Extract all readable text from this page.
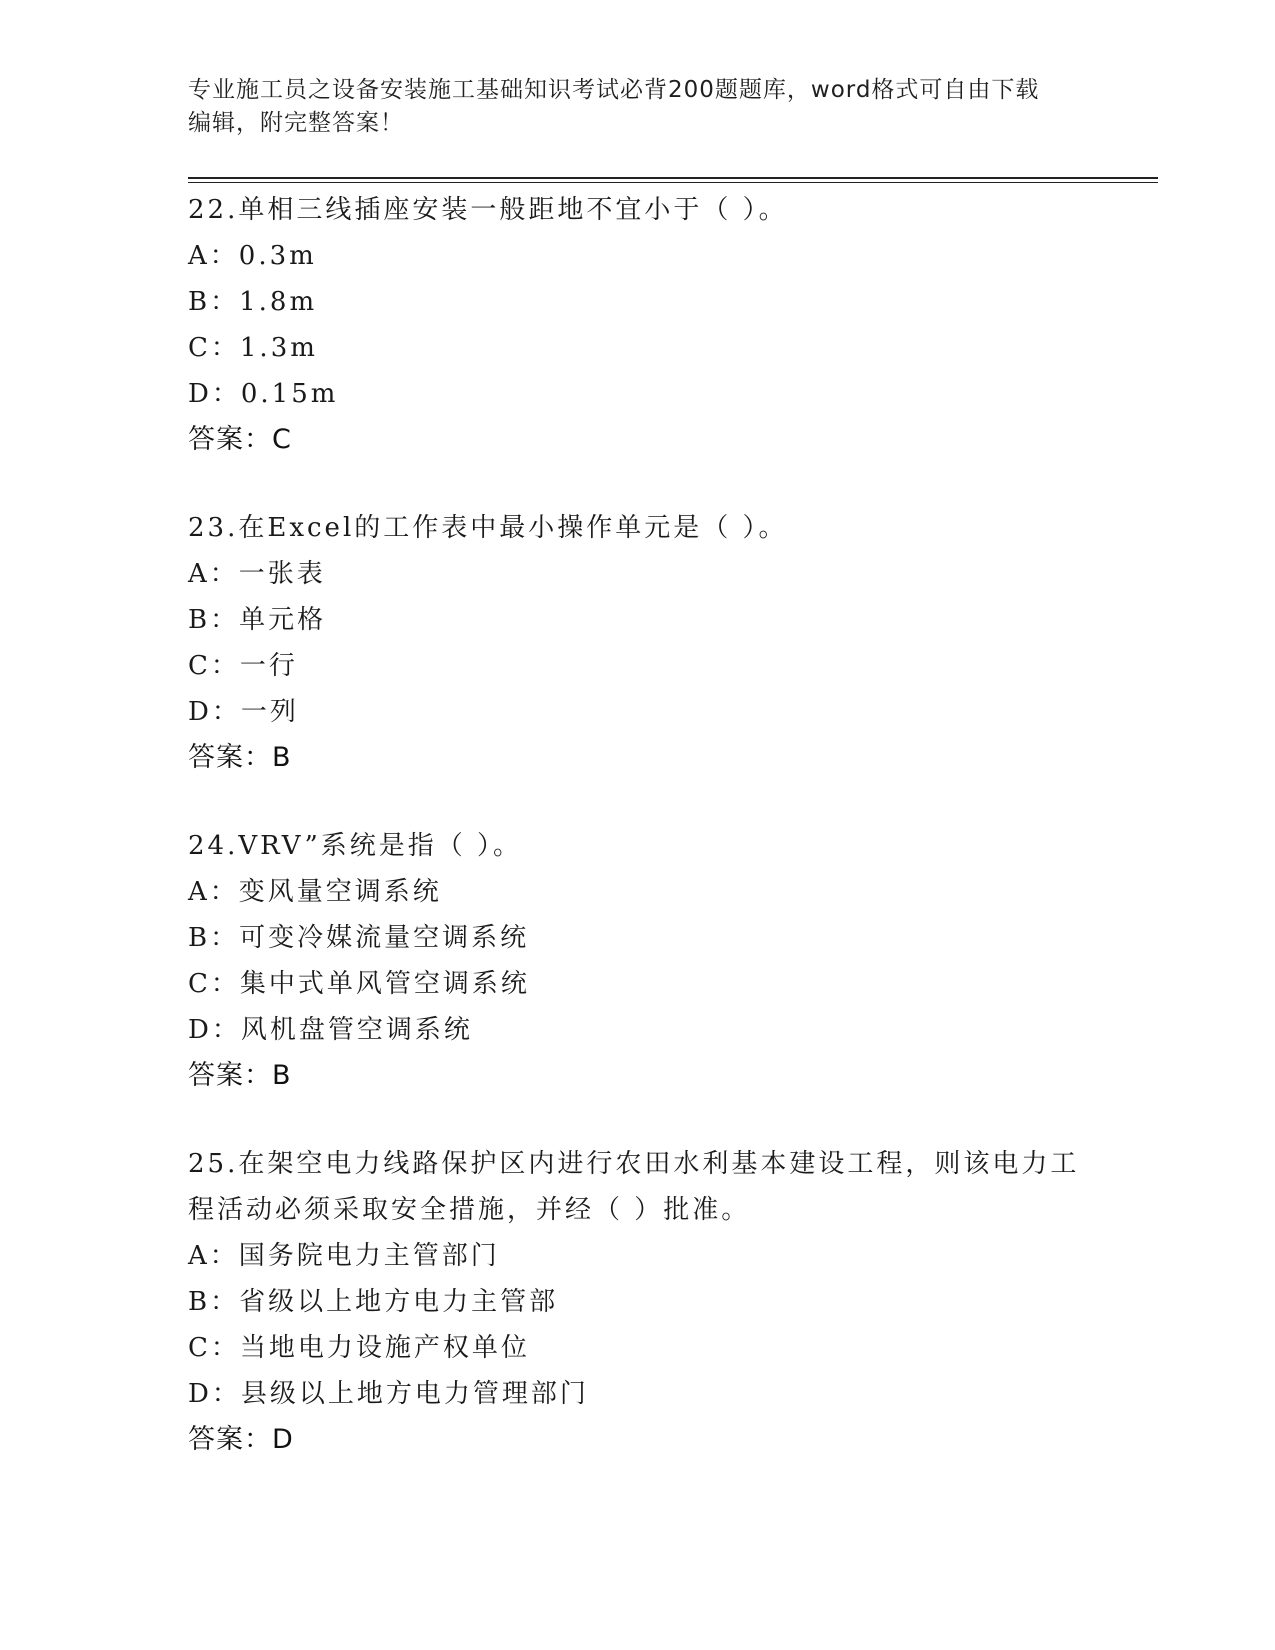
专业施工员之设备安装施工基础知识考试必背200题题库，word格式可自由下载
编辑，附完整答案！
22.单相三线插座安装一般距地不宜小于（ ）。
A：0.3m
B：1.8m
C：1.3m
D：0.15m
答案：C
23.在Excel的工作表中最小操作单元是（ ）。
A：一张表
B：单元格
C：一行
D：一列
答案：B
24.VRV”系统是指（ ）。
A：变风量空调系统
B：可变冷媒流量空调系统
C：集中式单风管空调系统
D：风机盘管空调系统
答案：B
25.在架空电力线路保护区内进行农田水利基本建设工程，则该电力工
程活动必须采取安全措施，并经（ ）批准。
A：国务院电力主管部门
B：省级以上地方电力主管部
C：当地电力设施产权单位
D：县级以上地方电力管理部门
答案：D
